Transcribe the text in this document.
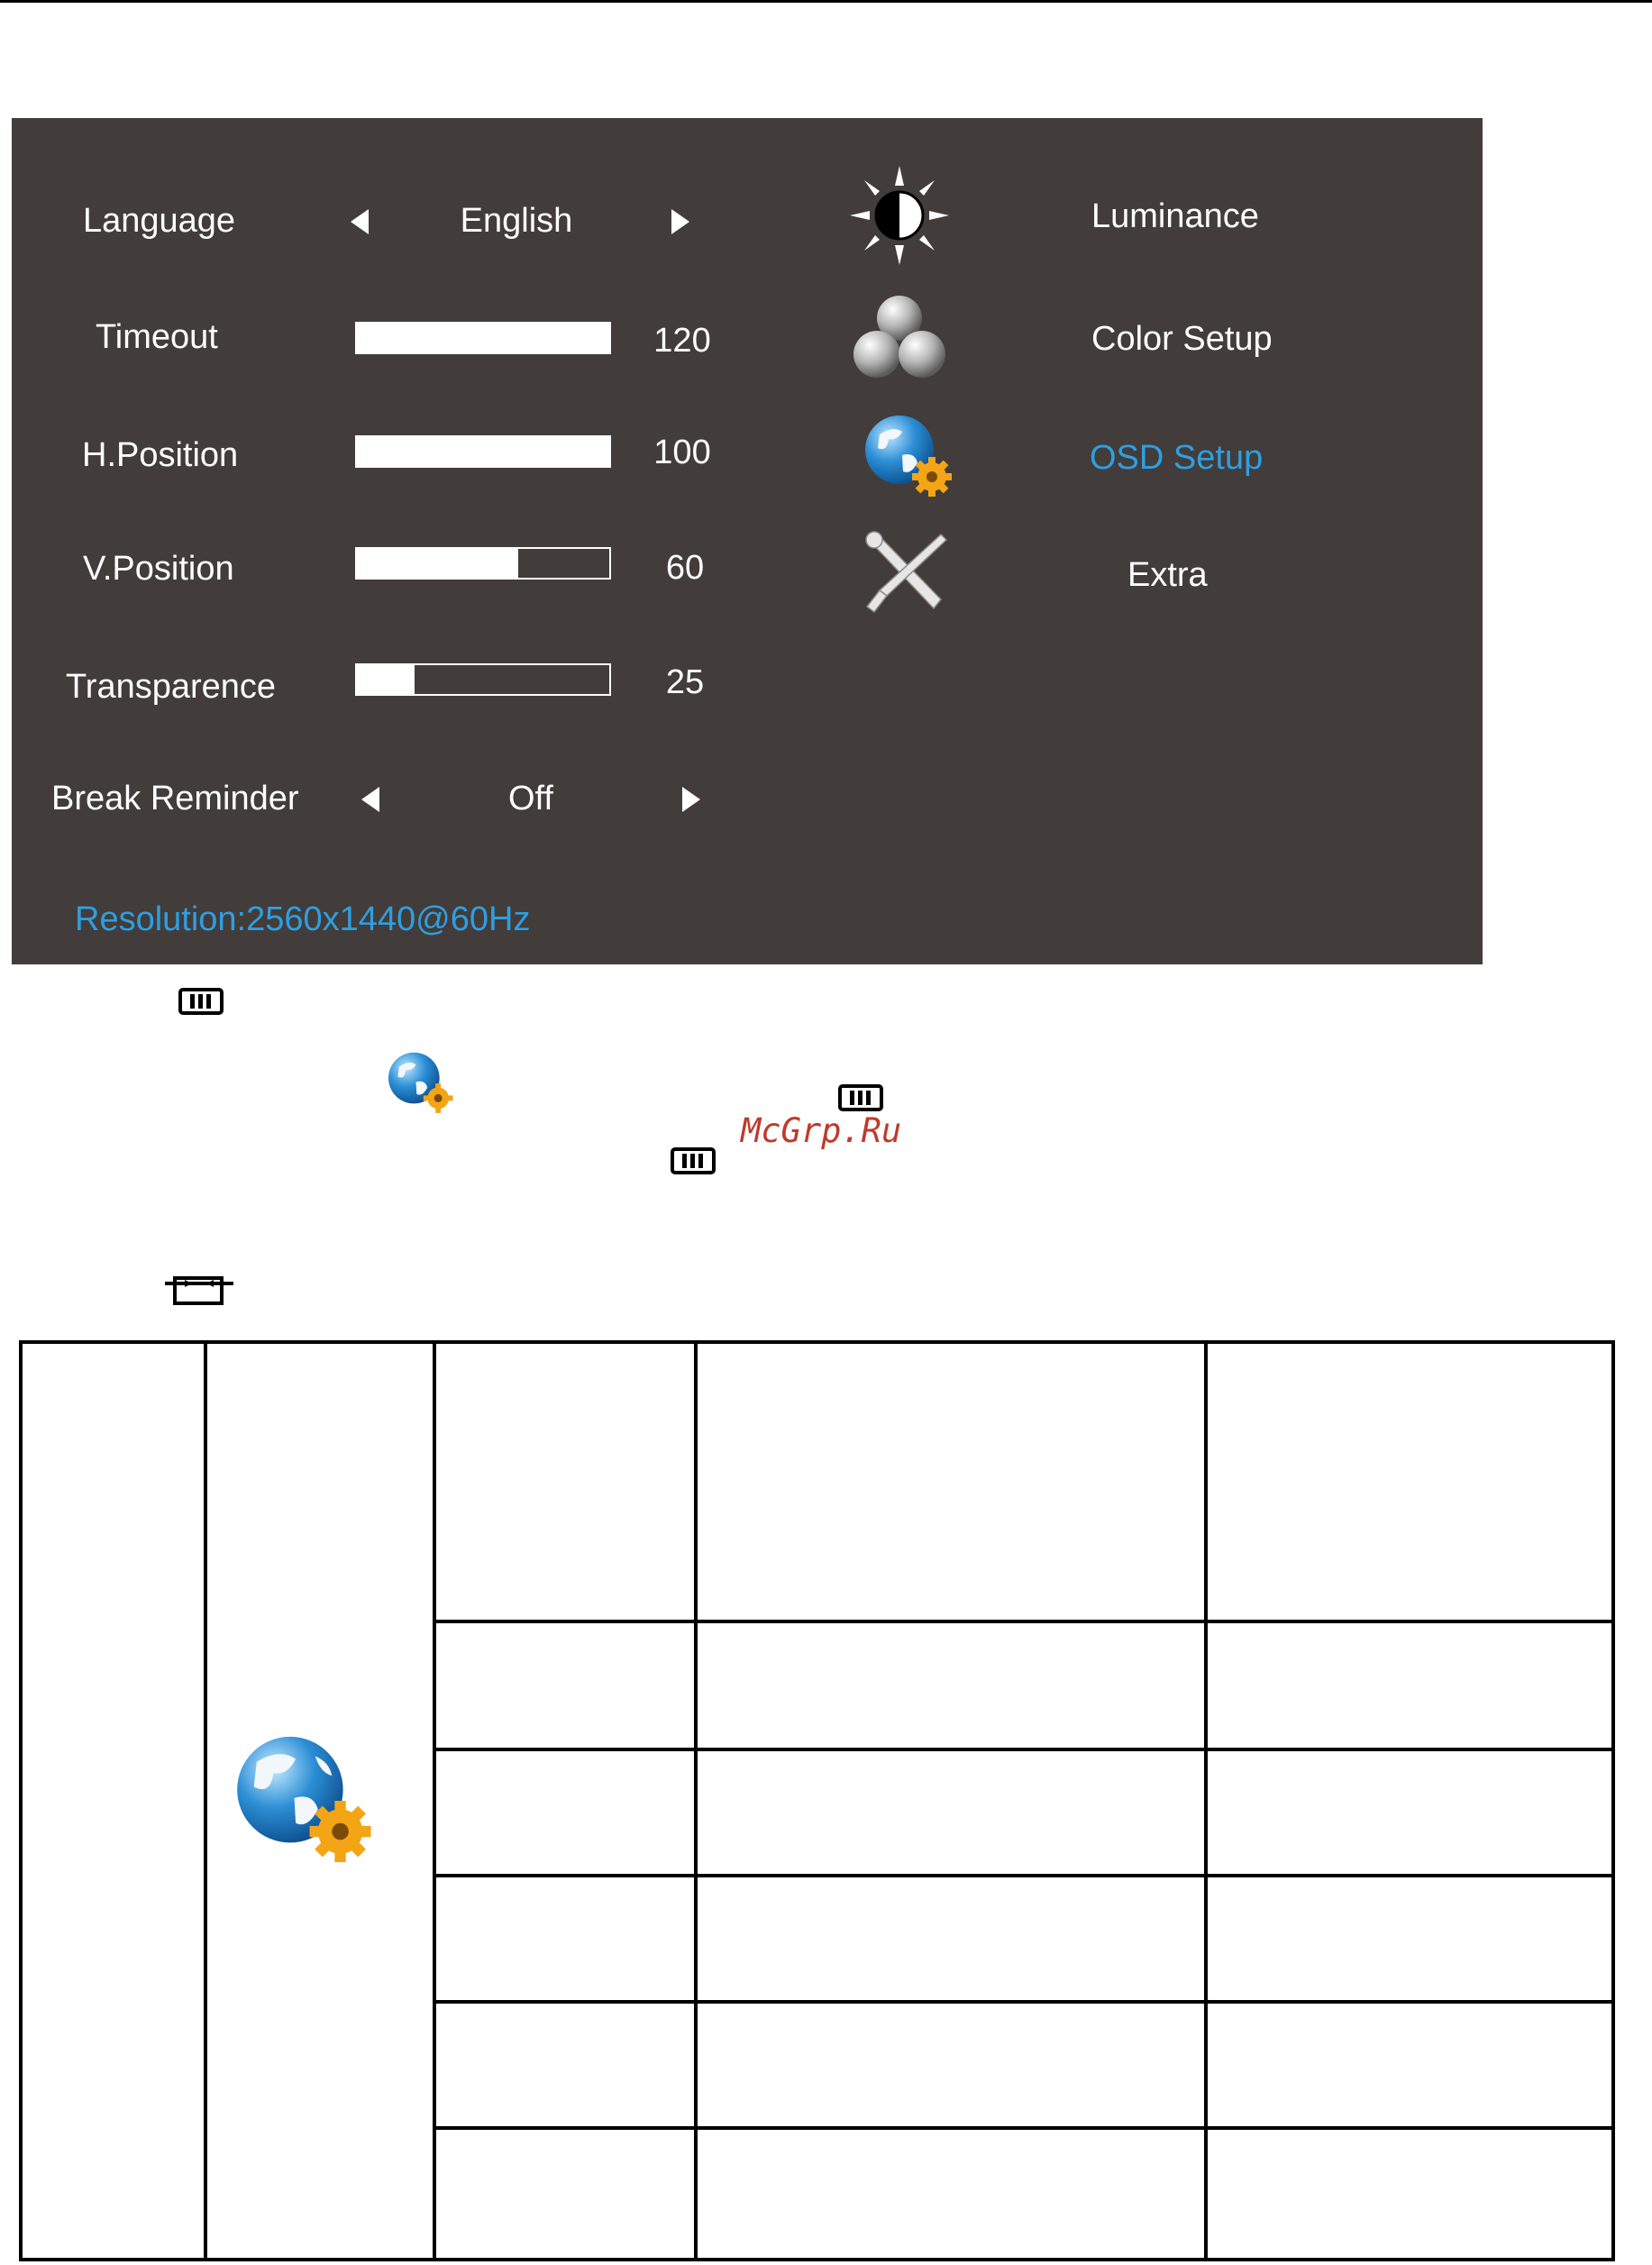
Language	English
Timeout	120
H.Position	100
V.Position	60
Transparence	25
Break Reminder	Off
Resolution:2560x1440@60Hz
Luminance
Color Setup
OSD Setup
Extra
McGrp.Ru
